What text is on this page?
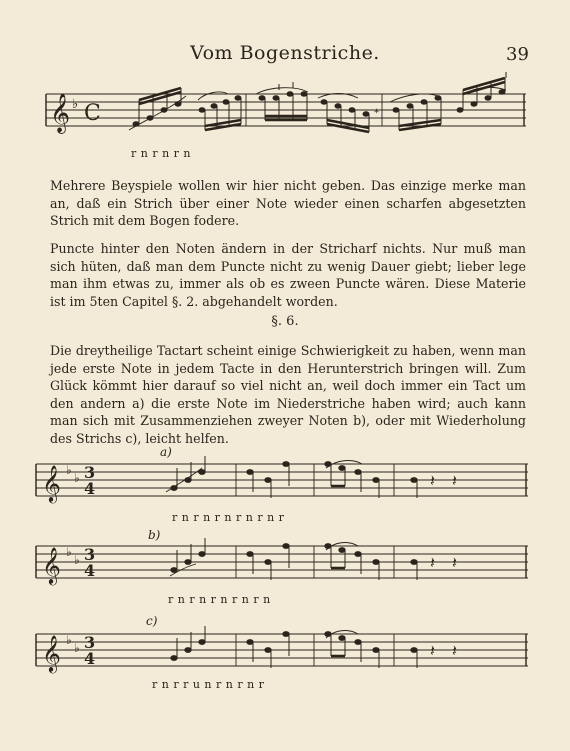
Vom Bogenstriche.	39
𝄞 ♭ C	*
r n r n r n
Mehrere Beyspiele wollen wir hier nicht geben. Das einzige merke man an, daß ein Strich über einer Note wieder einen scharfen abgesetzten Strich mit dem Bogen fodere.
Puncte hinter den Noten ändern in der Stricharf nichts. Nur muß man sich hüten, daß man dem Puncte nicht zu wenig Dauer giebt; lieber lege man ihm etwas zu, immer als ob es zween Puncte wären. Diese Materie ist im 5ten Capitel §. 2. abgehandelt worden.
§. 6.
Die dreytheilige Tactart scheint einige Schwierigkeit zu haben, wenn man jede erste Note in jedem Tacte in den Herunterstrich bringen will. Zum Glück kömmt hier darauf so viel nicht an, weil doch immer ein Tact um den andern a) die erste Note im Niederstriche haben wird; auch kann man sich mit Zusammenziehen zweyer Noten b), oder mit Wiederholung des Strichs c), leicht helfen.
a)
𝄞 ♭
♭ 3
4	𝄽 𝄽
r n r n r n r n r n r
b)
𝄞 ♭
♭ 3
4	𝄽 𝄽
r n r n r n r n r n
c)
𝄞 ♭
♭ 3
4	𝄽 𝄽
r n r r u n r n r n r
